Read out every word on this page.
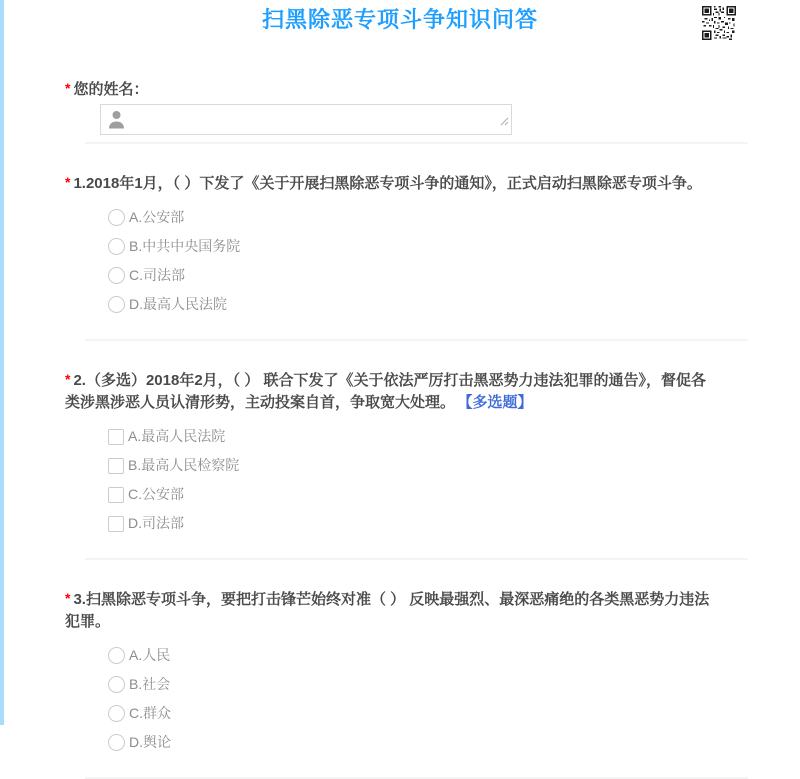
扫黑除恶专项斗争知识问答
* 您的姓名：
* 1.2018年1月，（ ）下发了《关于开展扫黑除恶专项斗争的通知》，正式启动扫黑除恶专项斗争。
A.公安部
B.中共中央国务院
C.司法部
D.最高人民法院
* 2.（多选）2018年2月，（ ） 联合下发了《关于依法严厉打击黑恶势力违法犯罪的通告》，督促各类涉黑涉恶人员认清形势，主动投案自首，争取宽大处理。 【多选题】
A.最高人民法院
B.最高人民检察院
C.公安部
D.司法部
* 3.扫黑除恶专项斗争，要把打击锋芒始终对准（ ） 反映最强烈、最深恶痛绝的各类黑恶势力违法犯罪。
A.人民
B.社会
C.群众
D.舆论
